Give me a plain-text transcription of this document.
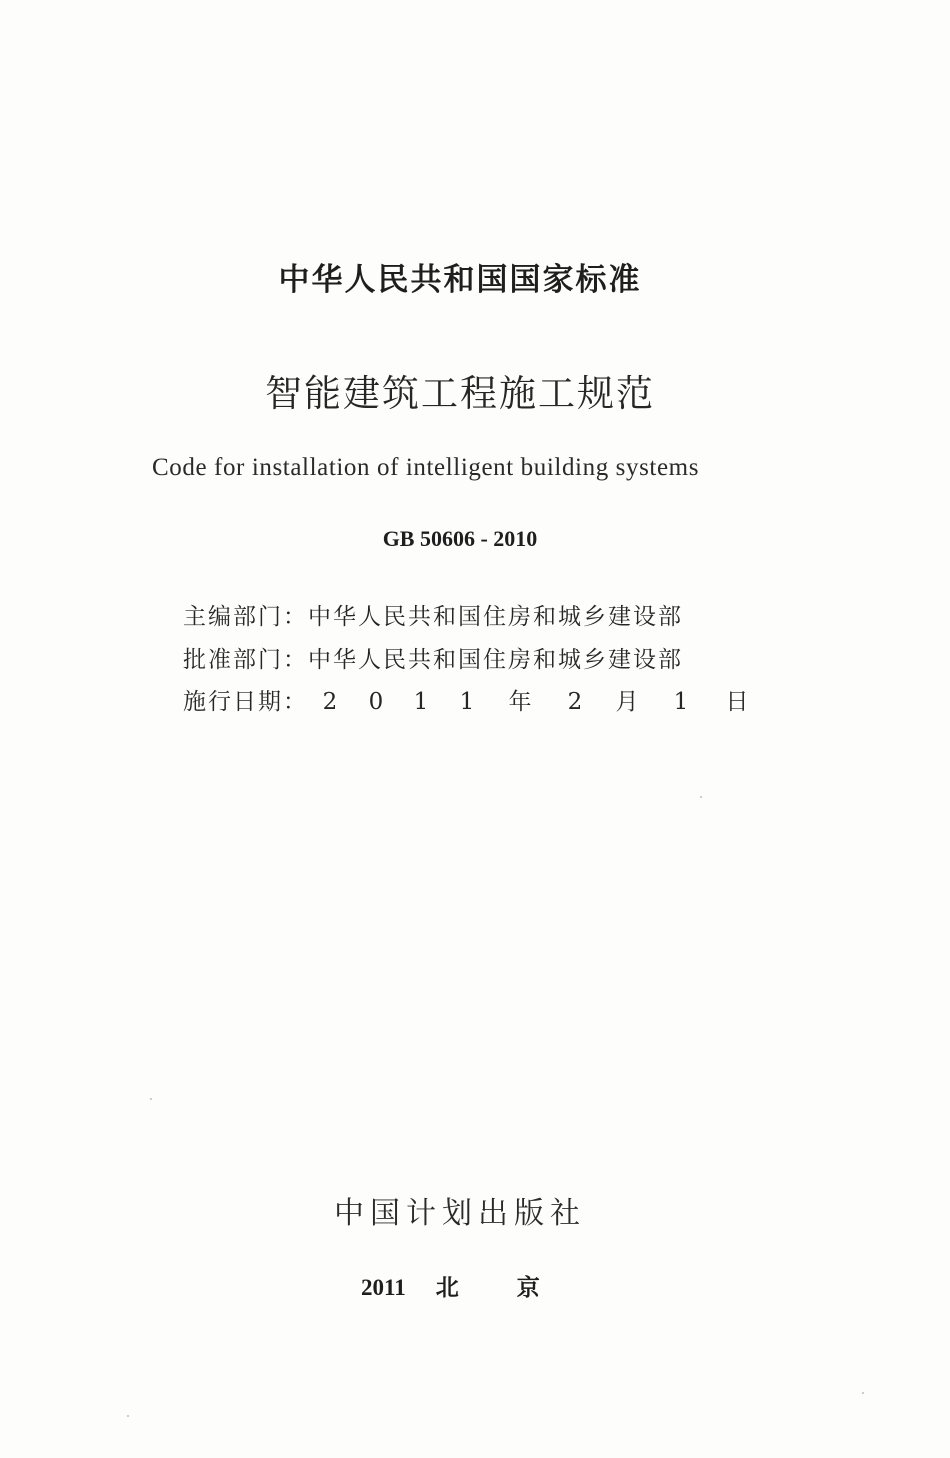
中华人民共和国国家标准
智能建筑工程施工规范
Code for installation of intelligent building systems
GB 50606 - 2010
主编部门：中华人民共和国住房和城乡建设部
批准部门：中华人民共和国住房和城乡建设部
施行日期： 2 0 1 1 年 2 月 1 日
中国计划出版社
2011 北	京
